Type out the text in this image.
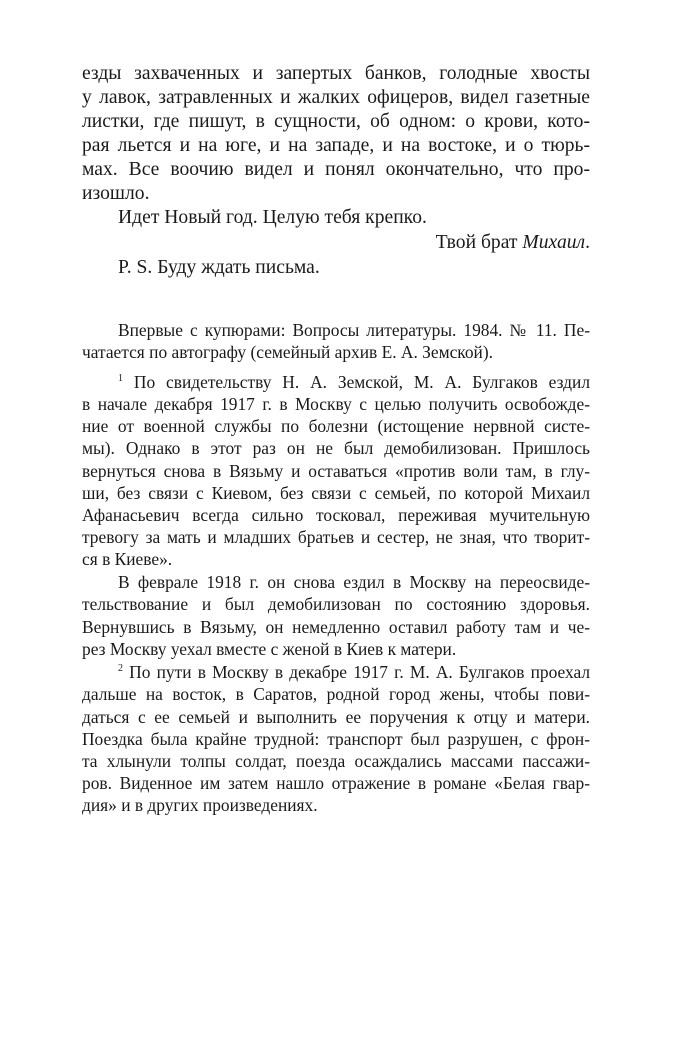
езды захваченных и запертых банков, голодные хвосты
у лавок, затравленных и жалких офицеров, видел газетные
листки, где пишут, в сущности, об одном: о крови, кото-
рая льется и на юге, и на западе, и на востоке, и о тюрь-
мах. Все воочию видел и понял окончательно, что про-
изошло.
Идет Новый год. Целую тебя крепко.
Твой брат Михаил.
P. S. Буду ждать письма.
Впервые с купюрами: Вопросы литературы. 1984. № 11. Пе-
чатается по автографу (семейный архив Е. А. Земской).
$^1$ По свидетельству Н. А. Земской, М. А. Булгаков ездил
в начале декабря 1917 г. в Москву с целью получить освобожде-
ние от военной службы по болезни (истощение нервной систе-
мы). Однако в этот раз он не был демобилизован. Пришлось
вернуться снова в Вязьму и оставаться «против воли там, в глу-
ши, без связи с Киевом, без связи с семьей, по которой Михаил
Афанасьевич всегда сильно тосковал, переживая мучительную
тревогу за мать и младших братьев и сестер, не зная, что творит-
ся в Киеве».
В феврале 1918 г. он снова ездил в Москву на переосвиде-
тельствование и был демобилизован по состоянию здоровья.
Вернувшись в Вязьму, он немедленно оставил работу там и че-
рез Москву уехал вместе с женой в Киев к матери.
$^2$ По пути в Москву в декабре 1917 г. М. А. Булгаков проехал
дальше на восток, в Саратов, родной город жены, чтобы пови-
даться с ее семьей и выполнить ее поручения к отцу и матери.
Поездка была крайне трудной: транспорт был разрушен, с фрон-
та хлынули толпы солдат, поезда осаждались массами пассажи-
ров. Виденное им затем нашло отражение в романе «Белая гвар-
дия» и в других произведениях.
